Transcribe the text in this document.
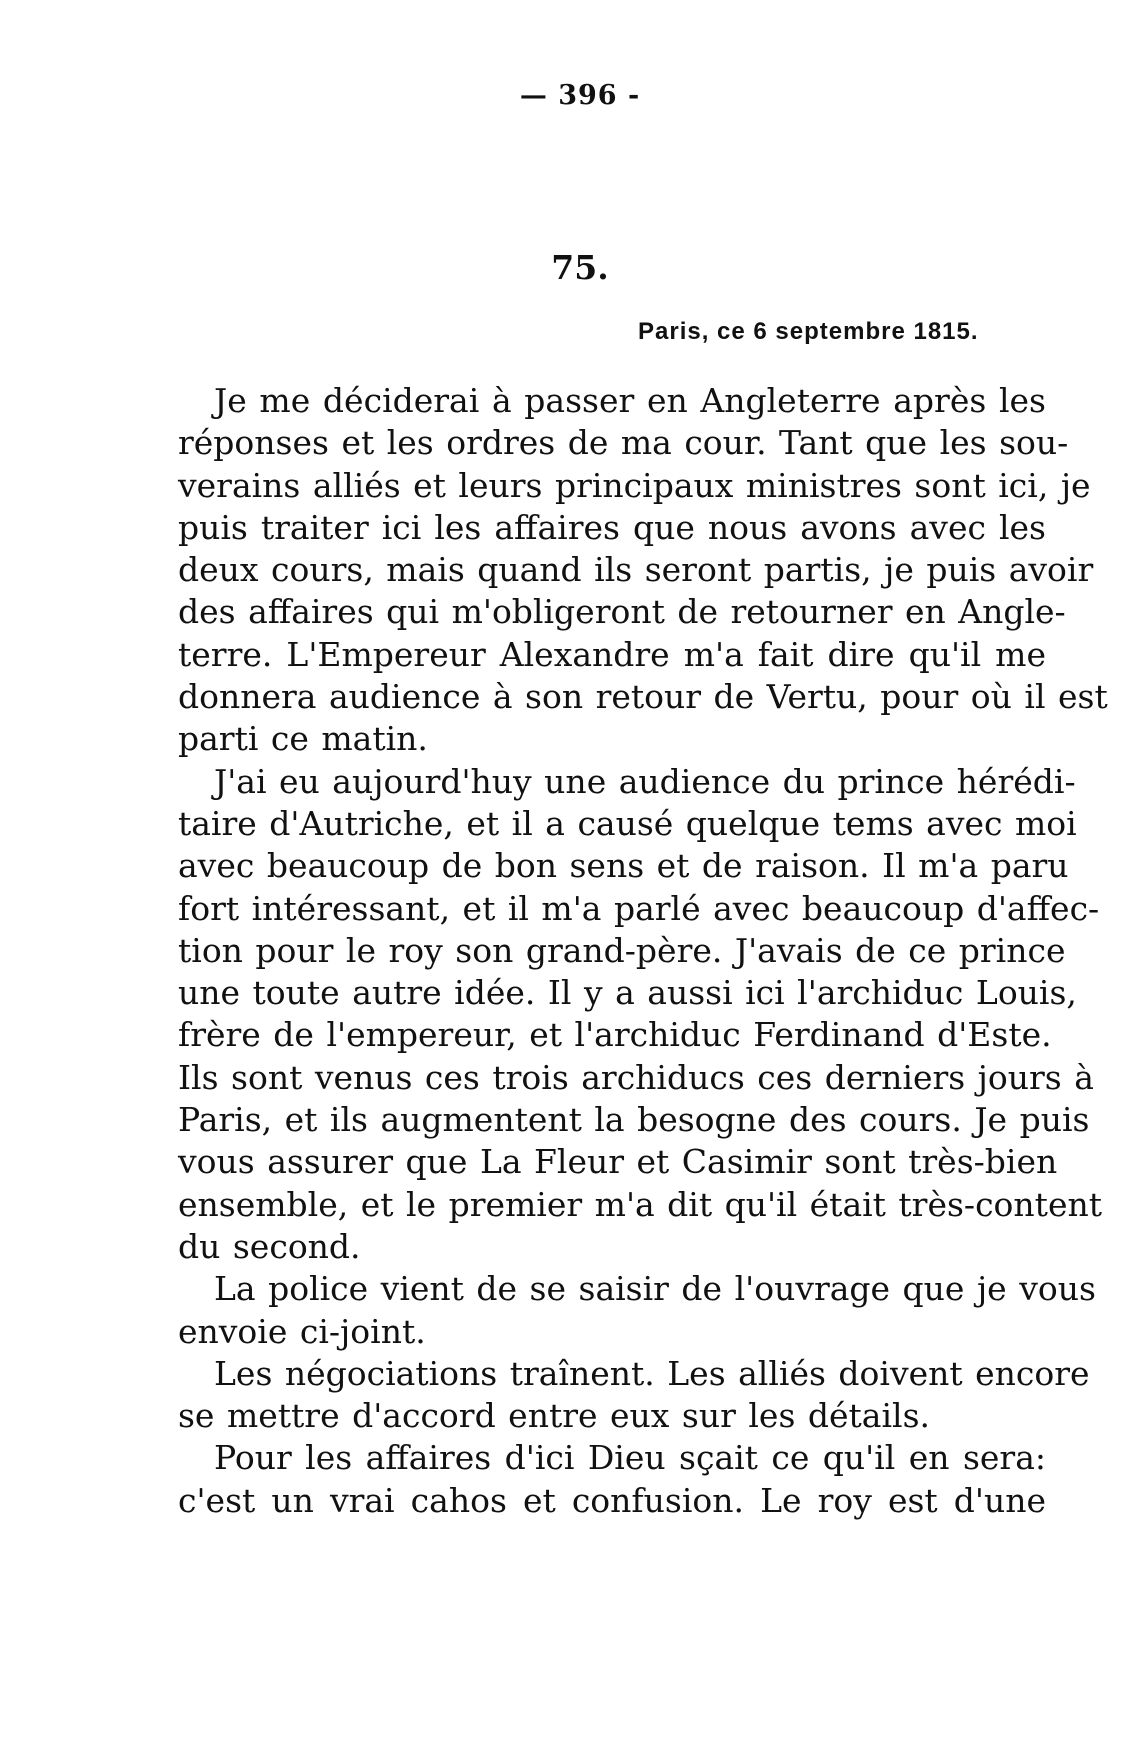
— 396 -
75.
Paris, ce 6 septembre 1815.

Je me déciderai à passer en Angleterre après les
réponses et les ordres de ma cour. Tant que les sou-
verains alliés et leurs principaux ministres sont ici, je
puis traiter ici les affaires que nous avons avec les
deux cours, mais quand ils seront partis, je puis avoir
des affaires qui m'obligeront de retourner en Angle-
terre. L'Empereur Alexandre m'a fait dire qu'il me
donnera audience à son retour de Vertu, pour où il est
parti ce matin.

J'ai eu aujourd'huy une audience du prince hérédi-
taire d'Autriche, et il a causé quelque tems avec moi
avec beaucoup de bon sens et de raison. Il m'a paru
fort intéressant, et il m'a parlé avec beaucoup d'affec-
tion pour le roy son grand-père. J'avais de ce prince
une toute autre idée. Il y a aussi ici l'archiduc Louis,
frère de l'empereur, et l'archiduc Ferdinand d'Este.
Ils sont venus ces trois archiducs ces derniers jours à
Paris, et ils augmentent la besogne des cours. Je puis
vous assurer que La Fleur et Casimir sont très-bien
ensemble, et le premier m'a dit qu'il était très-content
du second.

La police vient de se saisir de l'ouvrage que je vous
envoie ci-joint.

Les négociations traînent. Les alliés doivent encore
se mettre d'accord entre eux sur les détails.

Pour les affaires d'ici Dieu sçait ce qu'il en sera:
c'est un vrai cahos et confusion. Le roy est d'une
